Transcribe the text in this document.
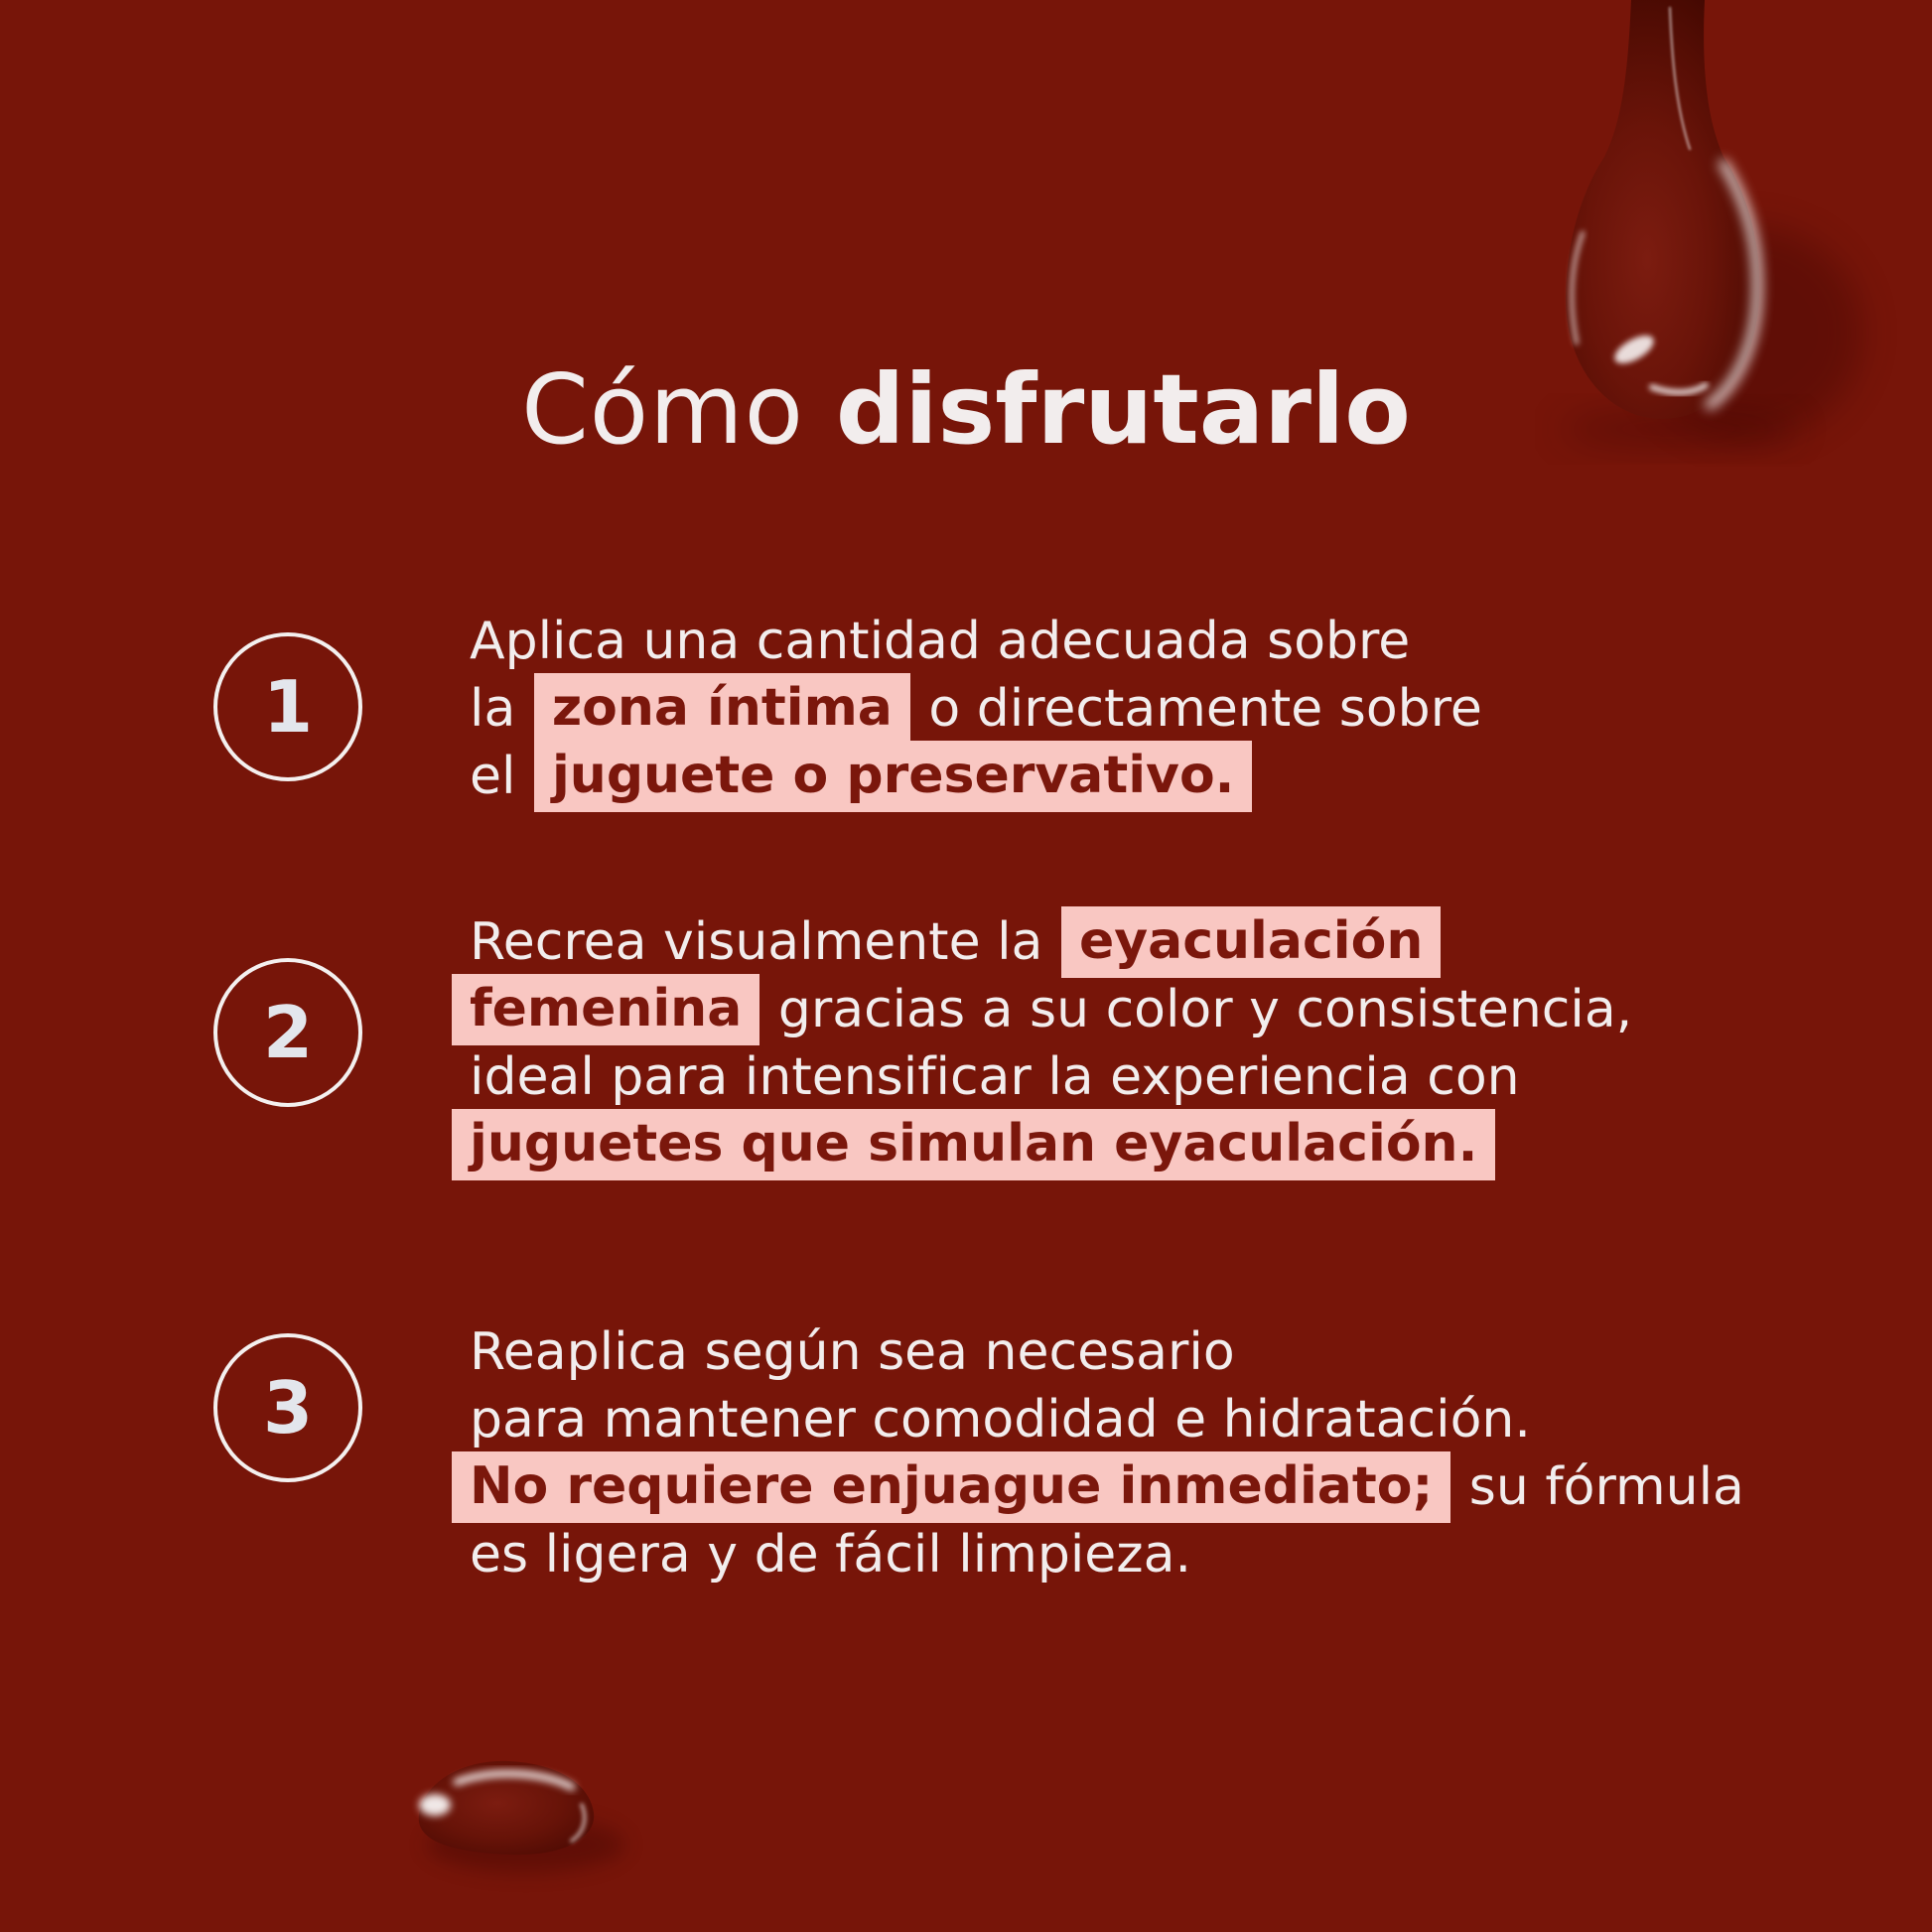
Cómo disfrutarlo
1
Aplica una cantidad adecuada sobre
la zona íntima o directamente sobre
el juguete o preservativo.
2
Recrea visualmente la eyaculación
femenina gracias a su color y consistencia,
ideal para intensificar la experiencia con
juguetes que simulan eyaculación.
3
Reaplica según sea necesario
para mantener comodidad e hidratación.
No requiere enjuague inmediato; su fórmula
es ligera y de fácil limpieza.
